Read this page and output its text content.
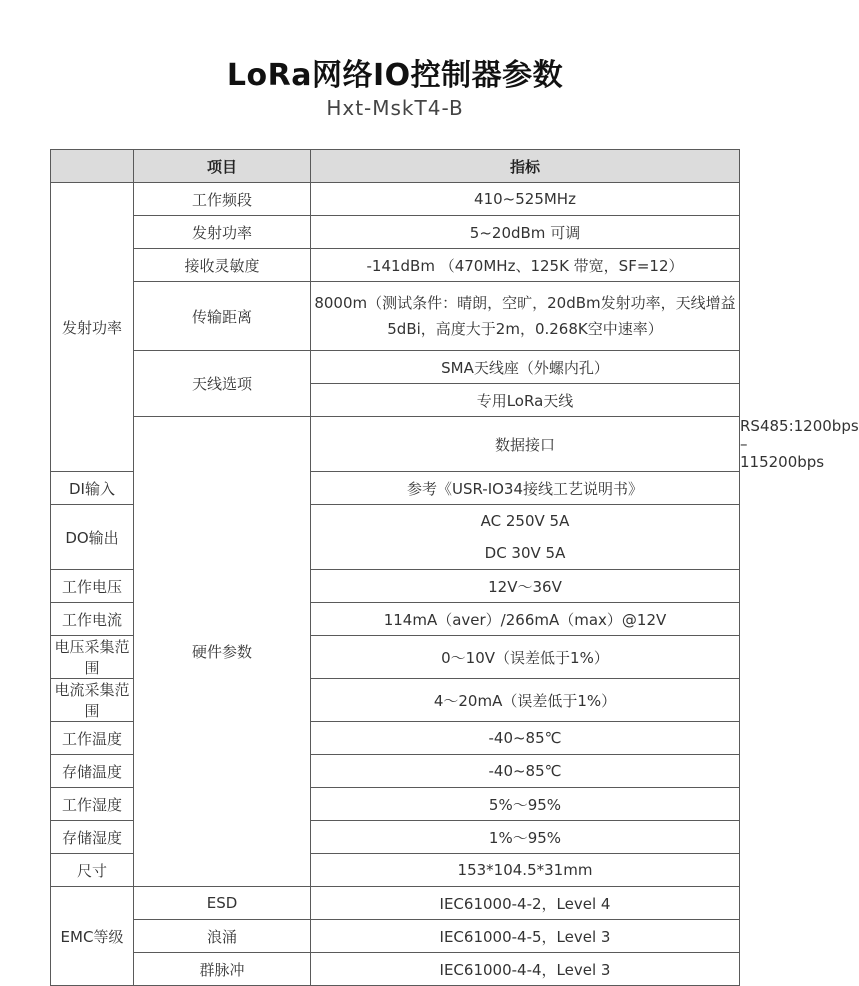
LoRa网络IO控制器参数
Hxt-MskT4-B
	项目	指标	
发射功率	工作频段	410~525MHz	
	发射功率	5~20dBm 可调	
	接收灵敏度	-141dBm （470MHz、125K 带宽，SF=12）	
	传输距离	8000m（测试条件：晴朗，空旷，20dBm发射功率，天线增益
5dBi，高度大于2m，0.268K空中速率）	

	天线选项	SMA天线座（外螺内孔）	
		专用LoRa天线	
	硬件参数	数据接口	RS485:1200bps – 115200bps
DI输入		参考《USR-IO34接线工艺说明书》	
DO输出		AC 250V 5A
DC 30V 5A	

工作电压		12V～36V	
工作电流		114mA（aver）/266mA（max）@12V	
电压采集范围		0～10V（误差低于1%）	
电流采集范围		4～20mA（误差低于1%）	
工作温度		-40~85℃	
存储温度		-40~85℃	
工作湿度		5%～95%	
存储湿度		1%～95%	
尺寸		153*104.5*31mm	
EMC等级	ESD	IEC61000-4-2，Level 4	
	浪涌	IEC61000-4-5，Level 3	
	群脉冲	IEC61000-4-4，Level 3	
